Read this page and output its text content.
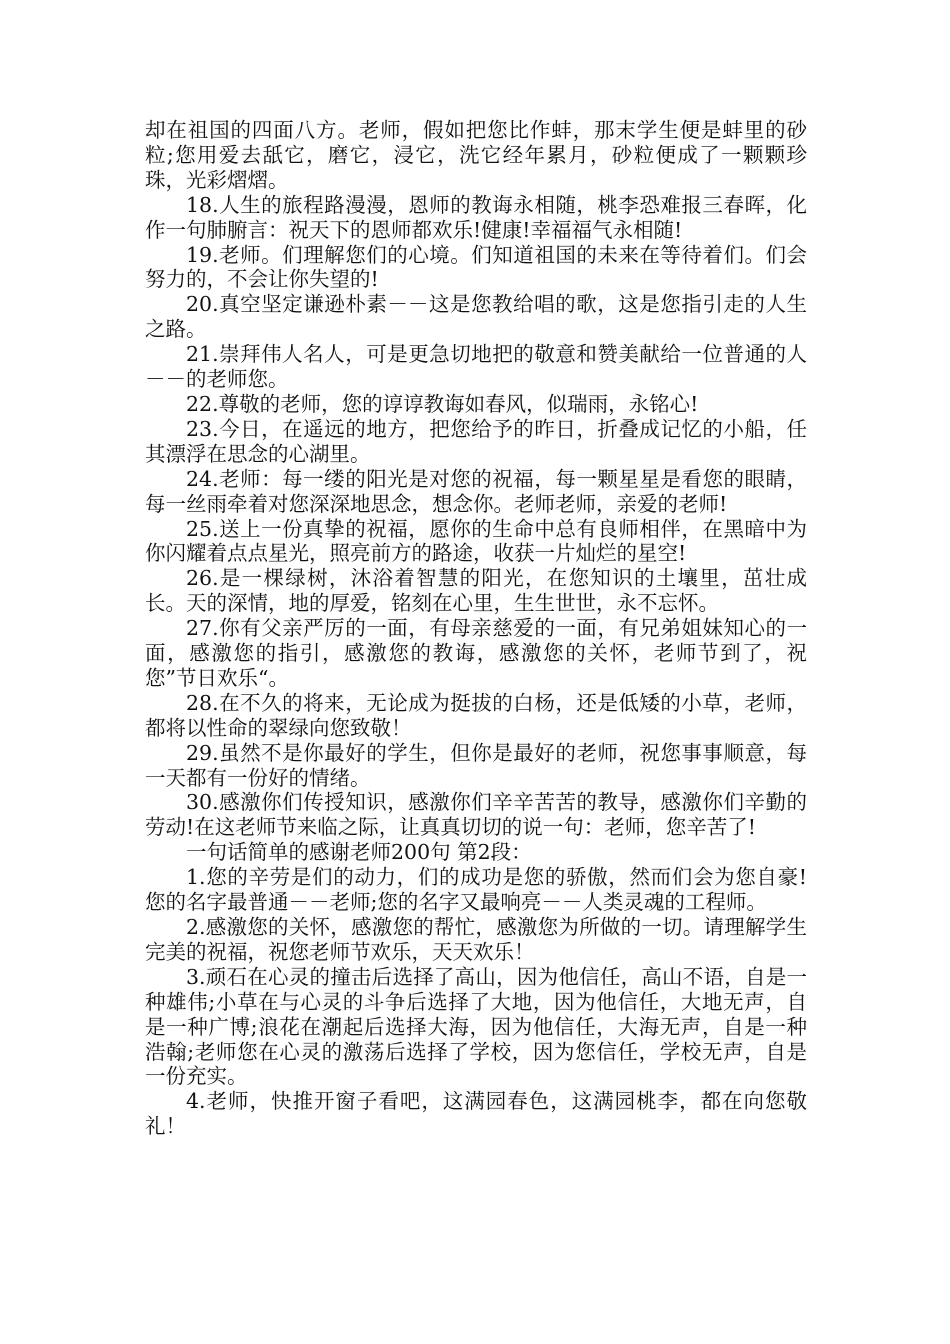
却在祖国的四面八方。老师，假如把您比作蚌，那末学生便是蚌里的砂粒;您用爱去舐它，磨它，浸它，洗它经年累月，砂粒便成了一颗颗珍珠，光彩熠熠。

18.人生的旅程路漫漫，恩师的教诲永相随，桃李恐难报三春晖，化作一句肺腑言：祝天下的恩师都欢乐!健康!幸福福气永相随!

19.老师。们理解您们的心境。们知道祖国的未来在等待着们。们会努力的，不会让你失望的!

20.真空坚定谦逊朴素－－这是您教给唱的歌，这是您指引走的人生之路。

21.崇拜伟人名人，可是更急切地把的敬意和赞美献给一位普通的人－－的老师您。

22.尊敬的老师，您的谆谆教诲如春风，似瑞雨，永铭心!

23.今日，在遥远的地方，把您给予的昨日，折叠成记忆的小船，任其漂浮在思念的心湖里。

24.老师：每一缕的阳光是对您的祝福，每一颗星星是看您的眼睛，每一丝雨牵着对您深深地思念，想念你。老师老师，亲爱的老师!

25.送上一份真挚的祝福，愿你的生命中总有良师相伴，在黑暗中为你闪耀着点点星光，照亮前方的路途，收获一片灿烂的星空!

26.是一棵绿树，沐浴着智慧的阳光，在您知识的土壤里，茁壮成长。天的深情，地的厚爱，铭刻在心里，生生世世，永不忘怀。

27.你有父亲严厉的一面，有母亲慈爱的一面，有兄弟姐妹知心的一面，感激您的指引，感激您的教诲，感激您的关怀，老师节到了，祝您”节日欢乐“。

28.在不久的将来，无论成为挺拔的白杨，还是低矮的小草，老师，都将以性命的翠绿向您致敬！

29.虽然不是你最好的学生，但你是最好的老师，祝您事事顺意，每一天都有一份好的情绪。

30.感激你们传授知识，感激你们辛辛苦苦的教导，感激你们辛勤的劳动!在这老师节来临之际，让真真切切的说一句：老师，您辛苦了!

一句话简单的感谢老师200句 第2段：

1.您的辛劳是们的动力，们的成功是您的骄傲，然而们会为您自豪!您的名字最普通－－老师;您的名字又最响亮－－人类灵魂的工程师。

2.感激您的关怀，感激您的帮忙，感激您为所做的一切。请理解学生完美的祝福，祝您老师节欢乐，天天欢乐！

3.顽石在心灵的撞击后选择了高山，因为他信任，高山不语，自是一种雄伟;小草在与心灵的斗争后选择了大地，因为他信任，大地无声，自是一种广博;浪花在潮起后选择大海，因为他信任，大海无声，自是一种浩翰;老师您在心灵的激荡后选择了学校，因为您信任，学校无声，自是一份充实。

4.老师，快推开窗子看吧，这满园春色，这满园桃李，都在向您敬礼！
